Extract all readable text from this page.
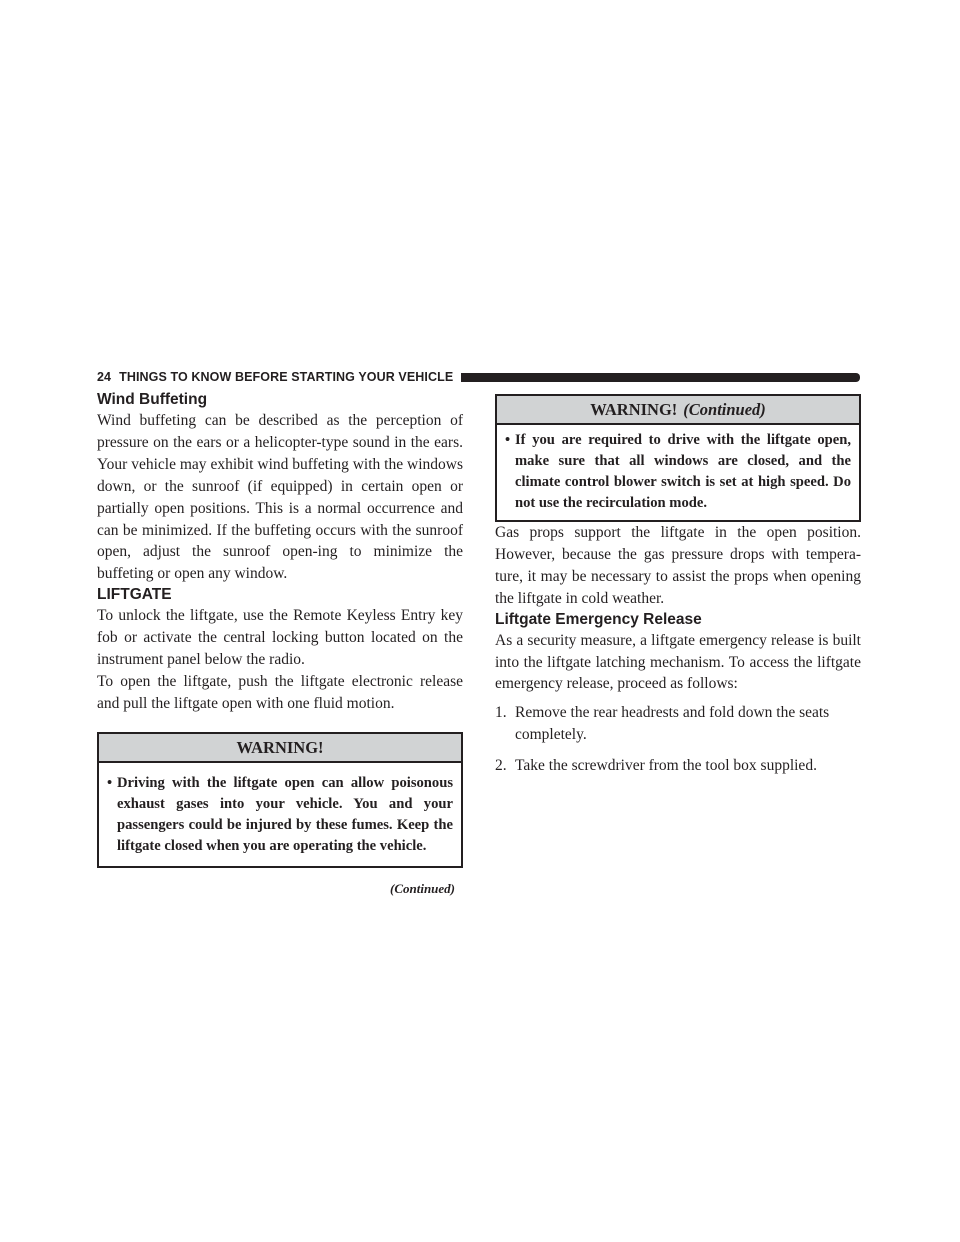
24 THINGS TO KNOW BEFORE STARTING YOUR VEHICLE
Wind Buffeting

Wind buffeting can be described as the perception of pressure on the ears or a helicopter-type sound in the ears. Your vehicle may exhibit wind buffeting with the windows down, or the sunroof (if equipped) in certain open or partially open positions. This is a normal occurrence and can be minimized. If the buffeting occurs with the sunroof open, adjust the sunroof open-ing to minimize the buffeting or open any window.

LIFTGATE

To unlock the liftgate, use the Remote Keyless Entry key fob or activate the central locking button located on the instrument panel below the radio.

To open the liftgate, push the liftgate electronic release and pull the liftgate open with one fluid motion.

WARNING!
• Driving with the liftgate open can allow poisonous exhaust gases into your vehicle. You and your passengers could be injured by these fumes. Keep the liftgate closed when you are operating the vehicle.
(Continued)
WARNING! (Continued)
• If you are required to drive with the liftgate open, make sure that all windows are closed, and the climate control blower switch is set at high speed. Do not use the recirculation mode.

Gas props support the liftgate in the open position. However, because the gas pressure drops with tempera-ture, it may be necessary to assist the props when opening the liftgate in cold weather.

Liftgate Emergency Release

As a security measure, a liftgate emergency release is built into the liftgate latching mechanism. To access the liftgate emergency release, proceed as follows:

1. Remove the rear headrests and fold down the seats completely.
2. Take the screwdriver from the tool box supplied.
